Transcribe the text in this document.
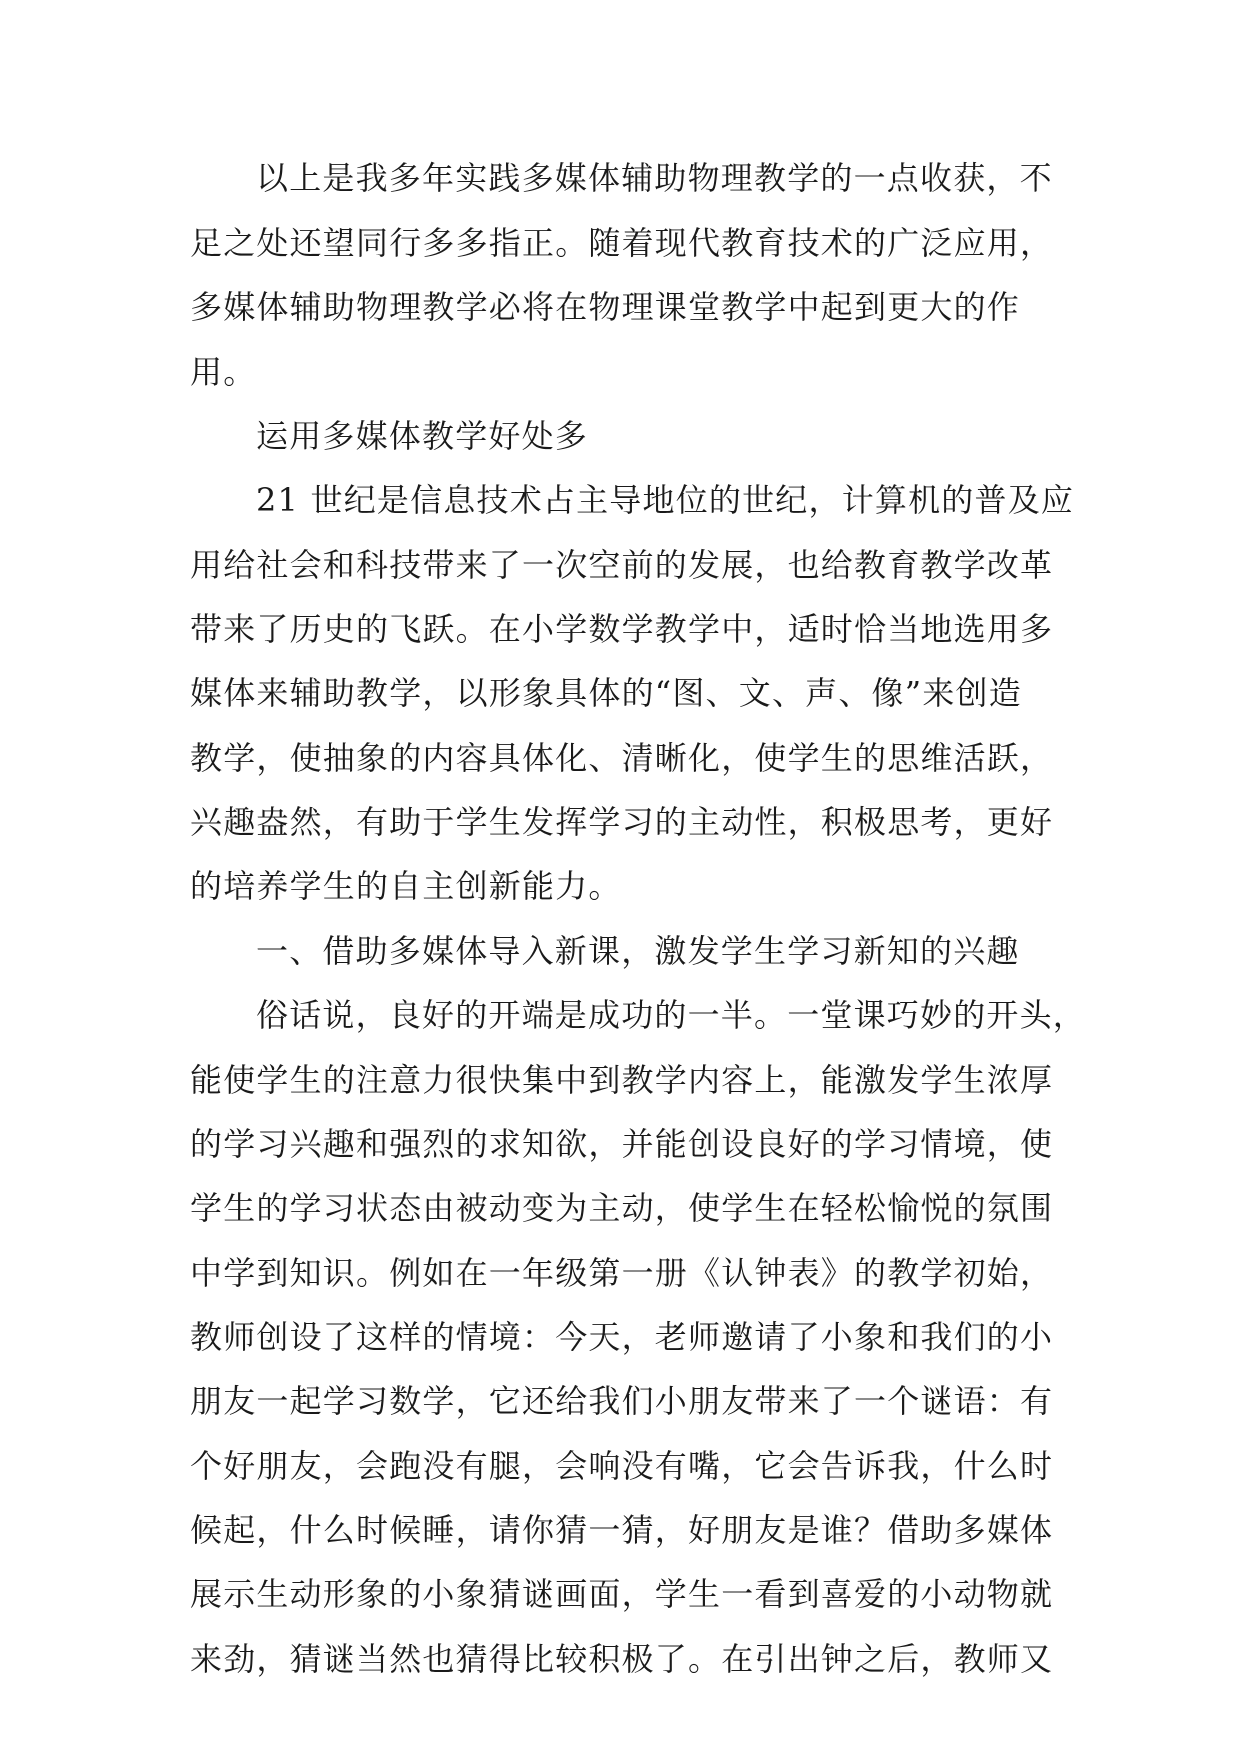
以上是我多年实践多媒体辅助物理教学的一点收获，不
足之处还望同行多多指正。随着现代教育技术的广泛应用，
多媒体辅助物理教学必将在物理课堂教学中起到更大的作
用。
运用多媒体教学好处多
21 世纪是信息技术占主导地位的世纪，计算机的普及应
用给社会和科技带来了一次空前的发展，也给教育教学改革
带来了历史的飞跃。在小学数学教学中，适时恰当地选用多
媒体来辅助教学，以形象具体的“图、文、声、像”来创造
教学，使抽象的内容具体化、清晰化，使学生的思维活跃，
兴趣盎然，有助于学生发挥学习的主动性，积极思考，更好
的培养学生的自主创新能力。
一、借助多媒体导入新课，激发学生学习新知的兴趣
俗话说，良好的开端是成功的一半。一堂课巧妙的开头，
能使学生的注意力很快集中到教学内容上，能激发学生浓厚
的学习兴趣和强烈的求知欲，并能创设良好的学习情境，使
学生的学习状态由被动变为主动，使学生在轻松愉悦的氛围
中学到知识。例如在一年级第一册《认钟表》的教学初始，
教师创设了这样的情境：今天，老师邀请了小象和我们的小
朋友一起学习数学，它还给我们小朋友带来了一个谜语：有
个好朋友，会跑没有腿，会响没有嘴，它会告诉我，什么时
候起，什么时候睡，请你猜一猜，好朋友是谁？借助多媒体
展示生动形象的小象猜谜画面，学生一看到喜爱的小动物就
来劲，猜谜当然也猜得比较积极了。在引出钟之后，教师又
